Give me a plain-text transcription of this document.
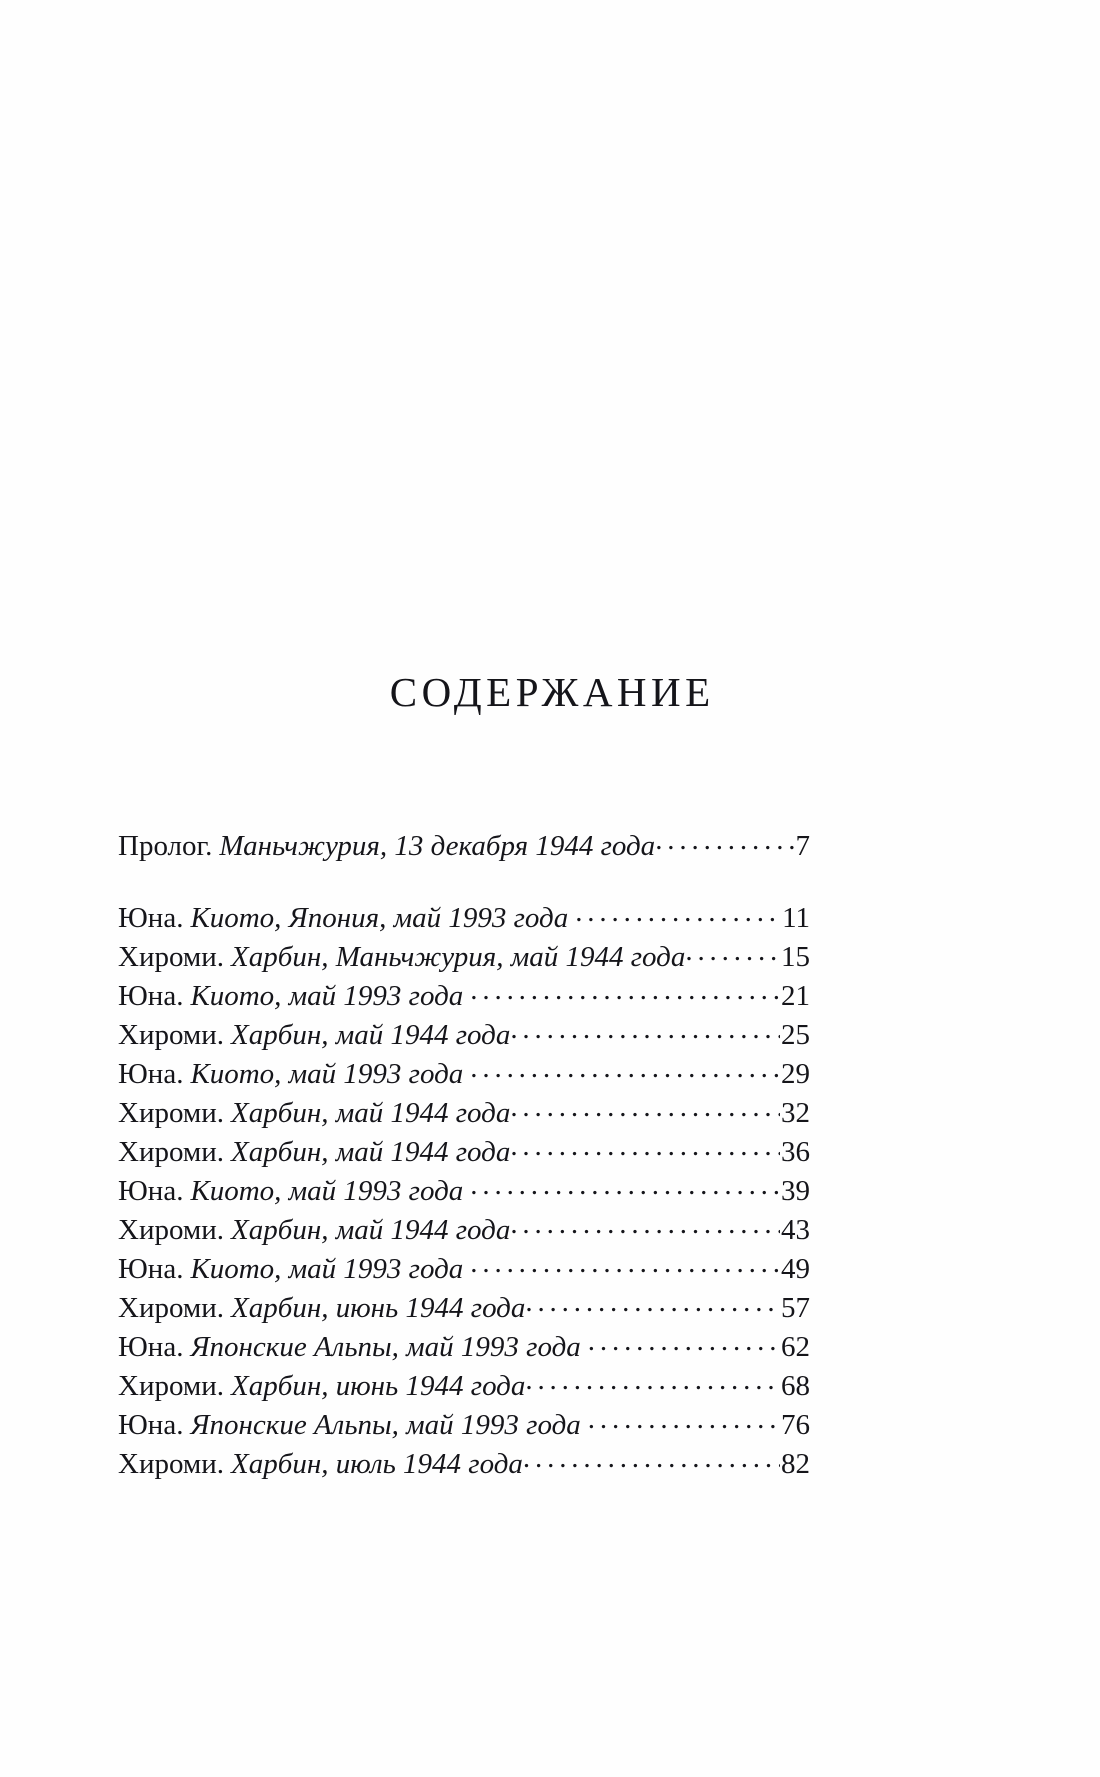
СОДЕРЖАНИЕ
Пролог. Маньчжурия, 13 декабря 1944 года . . .	7
Юна. Киото, Япония, май 1993 года . . .	11
Хироми. Харбин, Маньчжурия, май 1944 года . . .	15
Юна. Киото, май 1993 года . . .	21
Хироми. Харбин, май 1944 года . . .	25
Юна. Киото, май 1993 года . . .	29
Хироми. Харбин, май 1944 года . . .	32
Хироми. Харбин, май 1944 года . . .	36
Юна. Киото, май 1993 года . . .	39
Хироми. Харбин, май 1944 года . . .	43
Юна. Киото, май 1993 года . . .	49
Хироми. Харбин, июнь 1944 года . . .	57
Юна. Японские Альпы, май 1993 года . . .	62
Хироми. Харбин, июнь 1944 года . . .	68
Юна. Японские Альпы, май 1993 года . . .	76
Хироми. Харбин, июль 1944 года . . .	82
